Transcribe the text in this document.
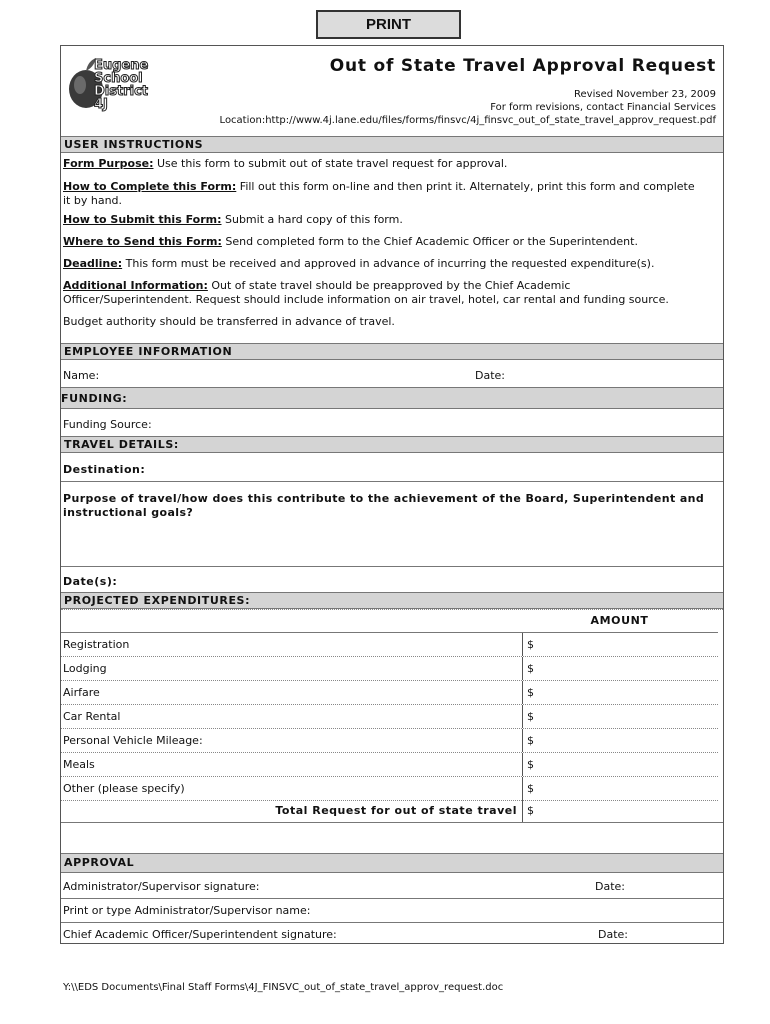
PRINT
Eugene
School
District 4J
Out of State Travel Approval Request
Revised November 23, 2009
For form revisions, contact Financial Services
Location:http://www.4j.lane.edu/files/forms/finsvc/4j_finsvc_out_of_state_travel_approv_request.pdf
USER INSTRUCTIONS
Form Purpose: Use this form to submit out of state travel request for approval.
How to Complete this Form: Fill out this form on-line and then print it. Alternately, print this form and complete
it by hand.
How to Submit this Form: Submit a hard copy of this form.
Where to Send this Form: Send completed form to the Chief Academic Officer or the Superintendent.
Deadline: This form must be received and approved in advance of incurring the requested expenditure(s).
Additional Information: Out of state travel should be preapproved by the Chief Academic
Officer/Superintendent. Request should include information on air travel, hotel, car rental and funding source.
Budget authority should be transferred in advance of travel.
EMPLOYEE INFORMATION
Name:	Date:
FUNDING:
Funding Source:
TRAVEL DETAILS:
Destination:
Purpose of travel/how does this contribute to the achievement of the Board, Superintendent and
instructional goals?
Date(s):
PROJECTED EXPENDITURES:
AMOUNT
Registration	$
Lodging	$
Airfare	$
Car Rental	$
Personal Vehicle Mileage:	$
Meals	$
Other (please specify)	$
Total Request for out of state travel $
APPROVAL
Administrator/Supervisor signature:	Date:
Print or type Administrator/Supervisor name:
Chief Academic Officer/Superintendent signature:	Date:
Y:\\EDS Documents\Final Staff Forms\4J_FINSVC_out_of_state_travel_approv_request.doc
